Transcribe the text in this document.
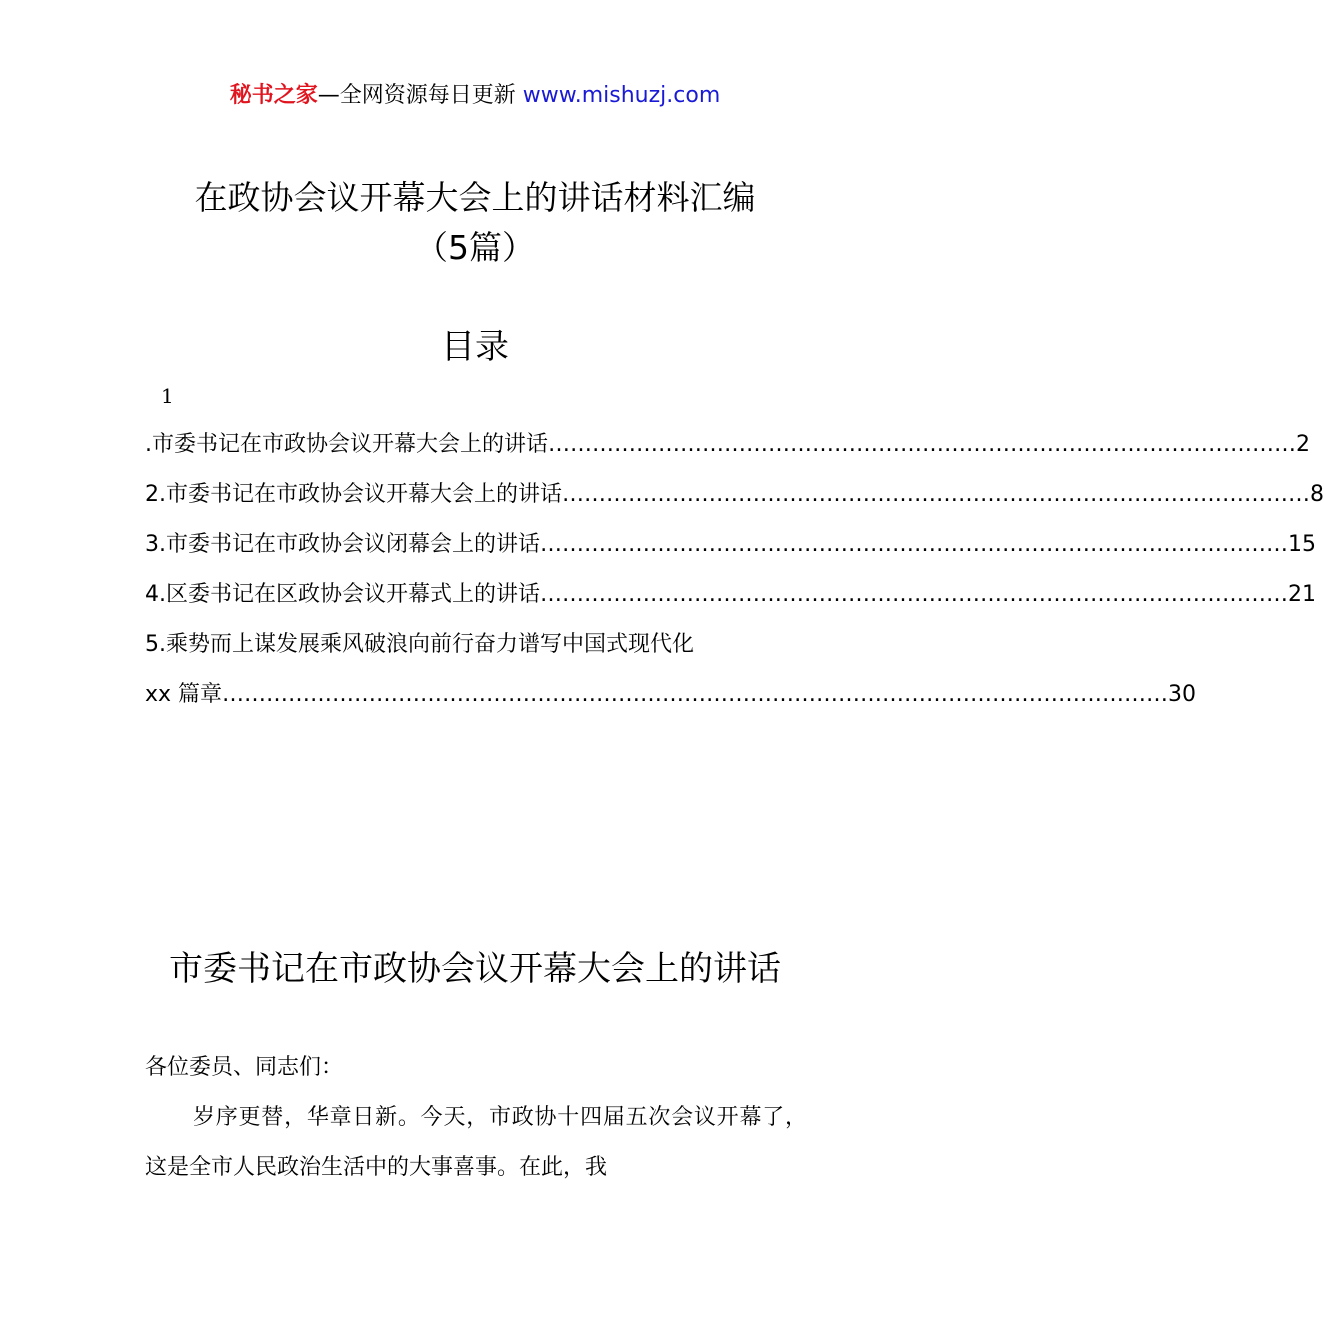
秘书之家—全网资源每日更新 www.mishuzj.com
在政协会议开幕大会上的讲话材料汇编
（5篇）
目录
1
.市委书记在市政协会议开幕大会上的讲话 ………………………………………………………………………………………… 2
2.市委书记在市政协会议开幕大会上的讲话 ………………………………………………………………………………………… 8
3.市委书记在市政协会议闭幕会上的讲话 ………………………………………………………………………………………… 15
4.区委书记在区政协会议开幕式上的讲话 ………………………………………………………………………………………… 21
5.乘势而上谋发展乘风破浪向前行奋力谱写中国式现代化
xx 篇章 ………………………………………………………………………………………………………………… 30
市委书记在市政协会议开幕大会上的讲话
各位委员、同志们：
岁序更替，华章日新。今天，市政协十四届五次会议开幕了，这是全市人民政治生活中的大事喜事。在此，我
